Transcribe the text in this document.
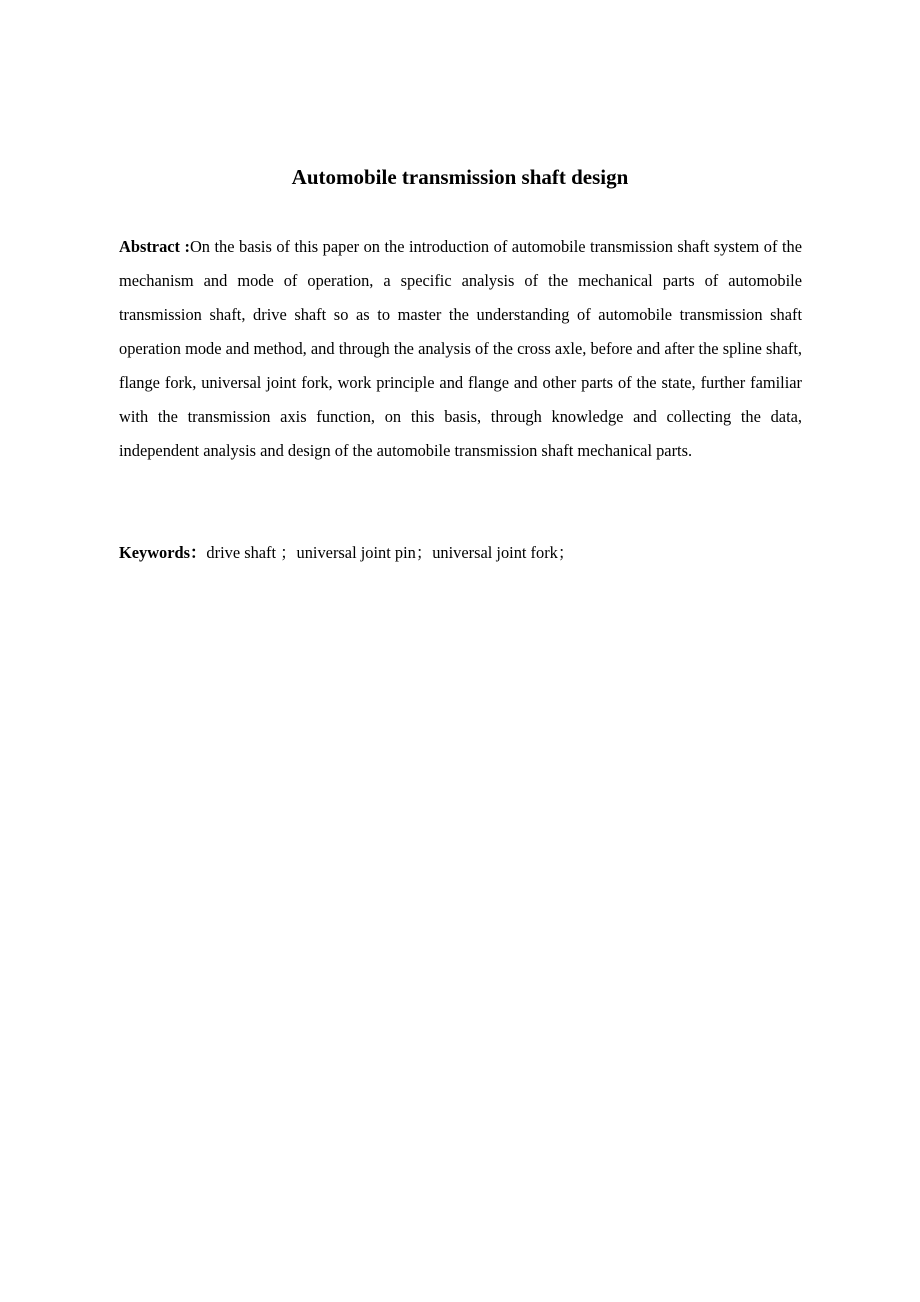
Automobile transmission shaft design

Abstract :On the basis of this paper on the introduction of automobile transmission shaft system of the mechanism and mode of operation, a specific analysis of the mechanical parts of automobile transmission shaft, drive shaft so as to master the understanding of automobile transmission shaft operation mode and method, and through the analysis of the cross axle, before and after the spline shaft, flange fork, universal joint fork, work principle and flange and other parts of the state, further familiar with the transmission axis function, on this basis, through knowledge and collecting the data, independent analysis and design of the automobile transmission shaft mechanical parts.

Keywords：drive shaft ；universal joint pin；universal joint fork；
